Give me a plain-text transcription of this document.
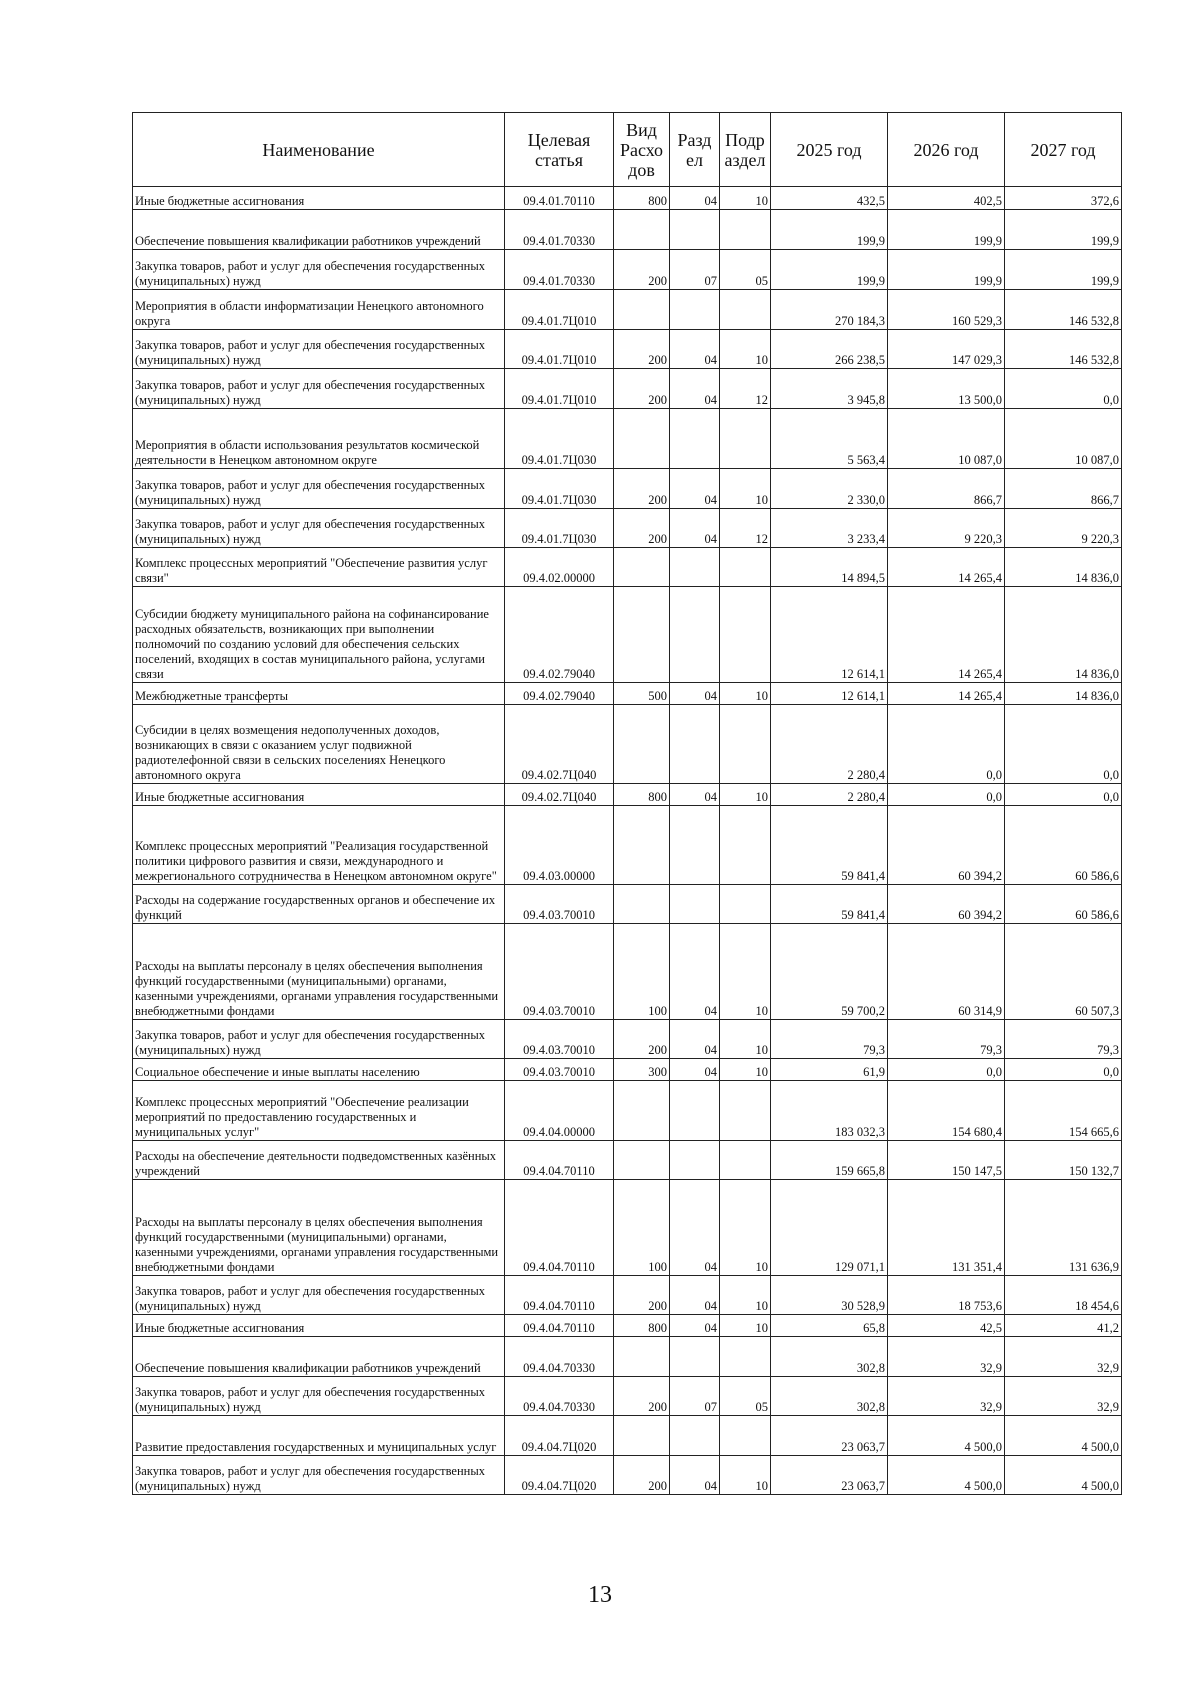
Наименование	Целевая статья	Вид Расхо дов	Разд ел	Подр аздел	2025 год	2026 год	2027 год
Иные бюджетные ассигнования	09.4.01.70110	800	04	10	432,5	402,5	372,6
Обеспечение повышения квалификации работников учреждений	09.4.01.70330				199,9	199,9	199,9
Закупка товаров, работ и услуг для обеспечения государственных (муниципальных) нужд	09.4.01.70330	200	07	05	199,9	199,9	199,9
Мероприятия в области информатизации Ненецкого автономного округа	09.4.01.7Ц010				270 184,3	160 529,3	146 532,8
Закупка товаров, работ и услуг для обеспечения государственных (муниципальных) нужд	09.4.01.7Ц010	200	04	10	266 238,5	147 029,3	146 532,8
Закупка товаров, работ и услуг для обеспечения государственных (муниципальных) нужд	09.4.01.7Ц010	200	04	12	3 945,8	13 500,0	0,0
Мероприятия в области использования результатов космической деятельности в Ненецком автономном округе	09.4.01.7Ц030				5 563,4	10 087,0	10 087,0
Закупка товаров, работ и услуг для обеспечения государственных (муниципальных) нужд	09.4.01.7Ц030	200	04	10	2 330,0	866,7	866,7
Закупка товаров, работ и услуг для обеспечения государственных (муниципальных) нужд	09.4.01.7Ц030	200	04	12	3 233,4	9 220,3	9 220,3
Комплекс процессных мероприятий "Обеспечение развития услуг связи"	09.4.02.00000				14 894,5	14 265,4	14 836,0
Субсидии бюджету муниципального района на софинансирование расходных обязательств, возникающих при выполнении полномочий по созданию условий для обеспечения сельских поселений, входящих в состав муниципального района, услугами связи	09.4.02.79040				12 614,1	14 265,4	14 836,0
Межбюджетные трансферты	09.4.02.79040	500	04	10	12 614,1	14 265,4	14 836,0
Субсидии в целях возмещения недополученных доходов, возникающих в связи с оказанием услуг подвижной радиотелефонной связи в сельских поселениях Ненецкого автономного округа	09.4.02.7Ц040				2 280,4	0,0	0,0
Иные бюджетные ассигнования	09.4.02.7Ц040	800	04	10	2 280,4	0,0	0,0
Комплекс процессных мероприятий "Реализация государственной политики цифрового развития и связи, международного и межрегионального сотрудничества в Ненецком автономном округе"	09.4.03.00000				59 841,4	60 394,2	60 586,6
Расходы на содержание государственных органов и обеспечение их функций	09.4.03.70010				59 841,4	60 394,2	60 586,6
Расходы на выплаты персоналу в целях обеспечения выполнения функций государственными (муниципальными) органами, казенными учреждениями, органами управления государственными внебюджетными фондами	09.4.03.70010	100	04	10	59 700,2	60 314,9	60 507,3
Закупка товаров, работ и услуг для обеспечения государственных (муниципальных) нужд	09.4.03.70010	200	04	10	79,3	79,3	79,3
Социальное обеспечение и иные выплаты населению	09.4.03.70010	300	04	10	61,9	0,0	0,0
Комплекс процессных мероприятий "Обеспечение реализации мероприятий по предоставлению государственных и муниципальных услуг"	09.4.04.00000				183 032,3	154 680,4	154 665,6
Расходы на обеспечение деятельности подведомственных казённых учреждений	09.4.04.70110				159 665,8	150 147,5	150 132,7
Расходы на выплаты персоналу в целях обеспечения выполнения функций государственными (муниципальными) органами, казенными учреждениями, органами управления государственными внебюджетными фондами	09.4.04.70110	100	04	10	129 071,1	131 351,4	131 636,9
Закупка товаров, работ и услуг для обеспечения государственных (муниципальных) нужд	09.4.04.70110	200	04	10	30 528,9	18 753,6	18 454,6
Иные бюджетные ассигнования	09.4.04.70110	800	04	10	65,8	42,5	41,2
Обеспечение повышения квалификации работников учреждений	09.4.04.70330				302,8	32,9	32,9
Закупка товаров, работ и услуг для обеспечения государственных (муниципальных) нужд	09.4.04.70330	200	07	05	302,8	32,9	32,9
Развитие предоставления государственных и муниципальных услуг	09.4.04.7Ц020				23 063,7	4 500,0	4 500,0
Закупка товаров, работ и услуг для обеспечения государственных (муниципальных) нужд	09.4.04.7Ц020	200	04	10	23 063,7	4 500,0	4 500,0
13
